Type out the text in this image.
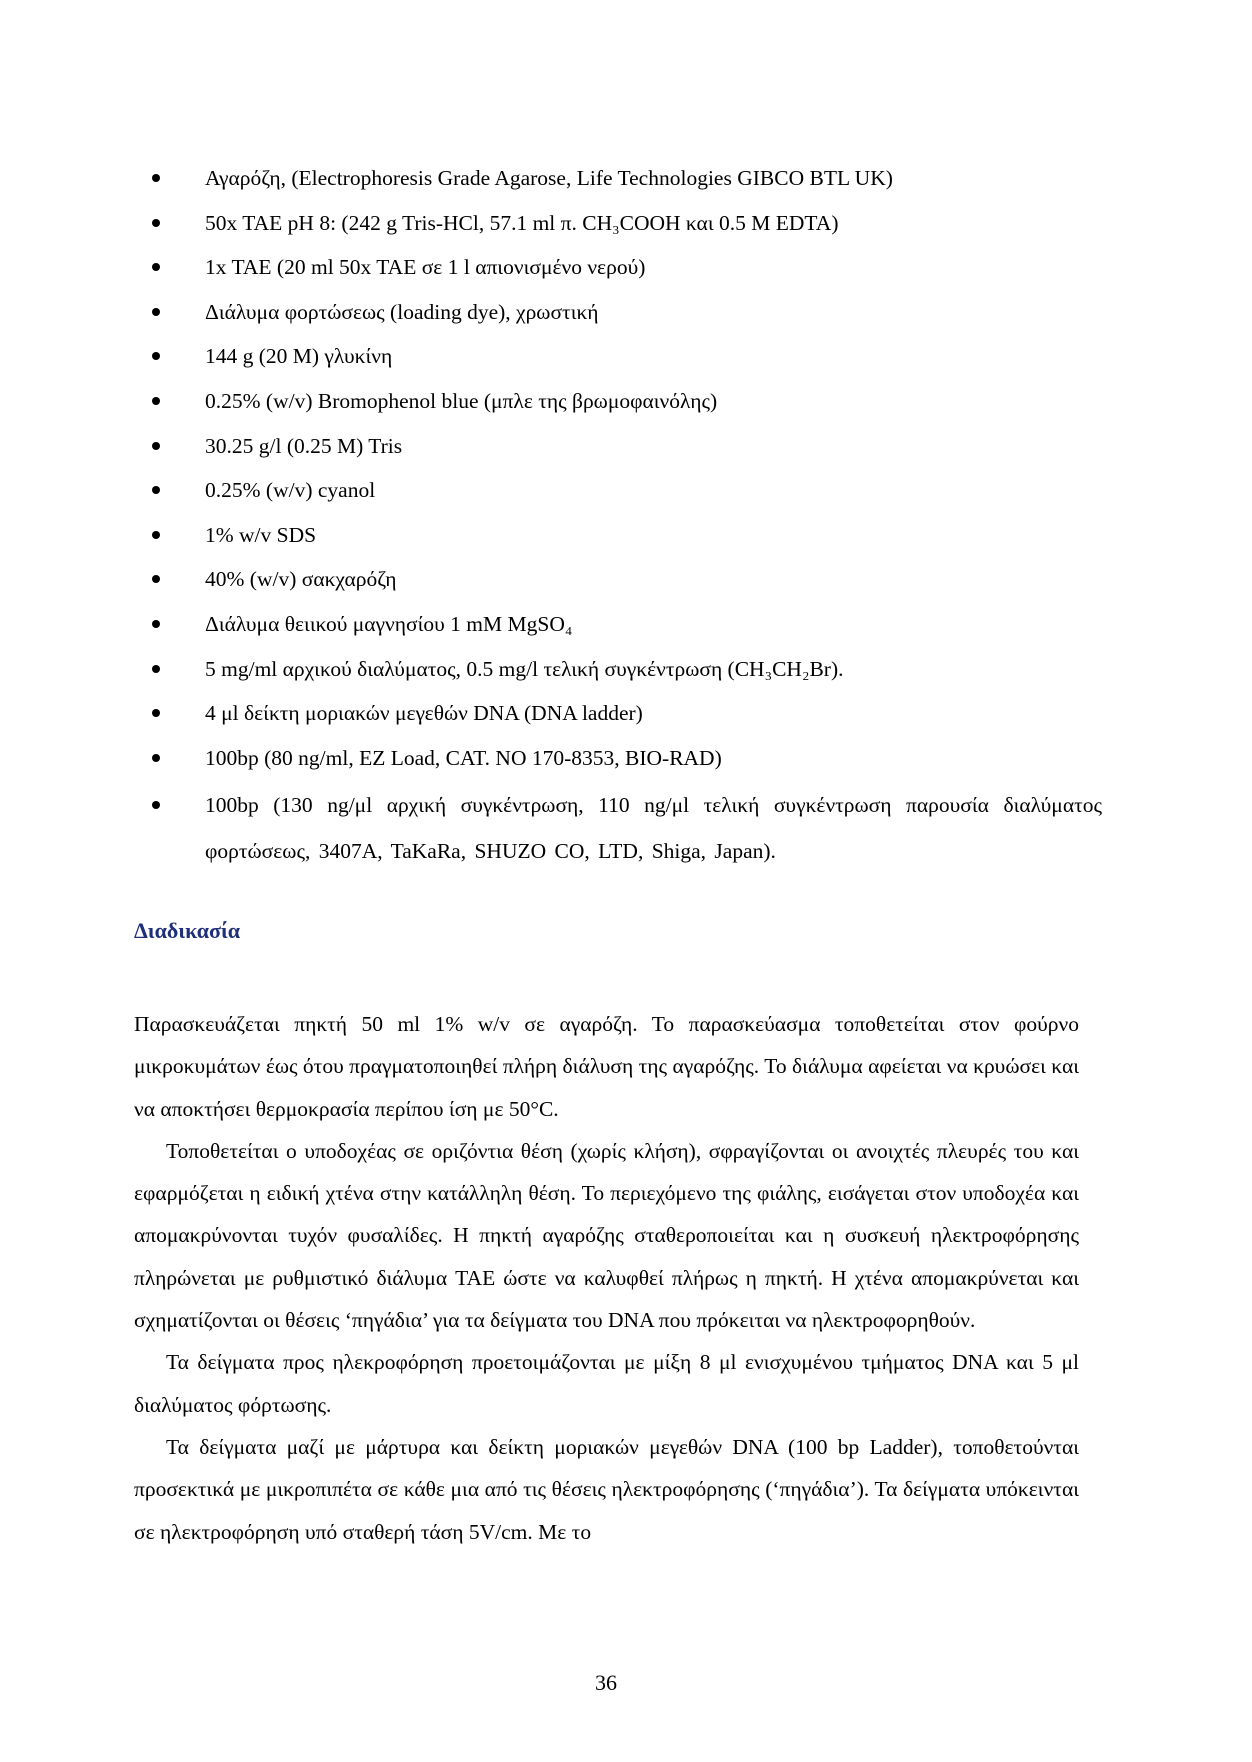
Αγαρόζη, (Electrophoresis Grade Agarose, Life Technologies GIBCO BTL UK)
50x TAE pH 8: (242 g Tris-HCl, 57.1 ml π. CH₃COOH και 0.5 M EDTA)
1x TAE (20 ml 50x TAE σε 1 l απιονισμένο νερού)
Διάλυμα φορτώσεως (loading dye), χρωστική
144 g (20 M) γλυκίνη
0.25% (w/v) Bromophenol blue (μπλε της βρωμοφαινόλης)
30.25 g/l (0.25 M) Tris
0.25% (w/v) cyanol
1% w/v SDS
40% (w/v) σακχαρόζη
Διάλυμα θειικού μαγνησίου 1 mM MgSO₄
5 mg/ml αρχικού διαλύματος, 0.5 mg/l τελική συγκέντρωση (CH₃CH₂Br).
4 μl δείκτη μοριακών μεγεθών DNA (DNA ladder)
100bp (80 ng/ml, EZ Load, CAT. NO 170-8353, BIO-RAD)
100bp (130 ng/μl αρχική συγκέντρωση, 110 ng/μl τελική συγκέντρωση παρουσία διαλύματος φορτώσεως, 3407A, TaKaRa, SHUZO CO, LTD, Shiga, Japan).
Διαδικασία

Παρασκευάζεται πηκτή 50 ml 1% w/v σε αγαρόζη. Το παρασκεύασμα τοποθετείται στον φούρνο μικροκυμάτων έως ότου πραγματοποιηθεί πλήρη διάλυση της αγαρόζης. Το διάλυμα αφείεται να κρυώσει και να αποκτήσει θερμοκρασία περίπου ίση με 50°C.

Τοποθετείται ο υποδοχέας σε οριζόντια θέση (χωρίς κλήση), σφραγίζονται οι ανοιχτές πλευρές του και εφαρμόζεται η ειδική χτένα στην κατάλληλη θέση. Το περιεχόμενο της φιάλης, εισάγεται στον υποδοχέα και απομακρύνονται τυχόν φυσαλίδες. Η πηκτή αγαρόζης σταθεροποιείται και η συσκευή ηλεκτροφόρησης πληρώνεται με ρυθμιστικό διάλυμα TAE ώστε να καλυφθεί πλήρως η πηκτή. Η χτένα απομακρύνεται και σχηματίζονται οι θέσεις ‘πηγάδια’ για τα δείγματα του DNA που πρόκειται να ηλεκτροφορηθούν.

Τα δείγματα προς ηλεκροφόρηση προετοιμάζονται με μίξη 8 μl ενισχυμένου τμήματος DNA και 5 μl διαλύματος φόρτωσης.

Τα δείγματα μαζί με μάρτυρα και δείκτη μοριακών μεγεθών DNA (100 bp Ladder), τοποθετούνται προσεκτικά με μικροπιπέτα σε κάθε μια από τις θέσεις ηλεκτροφόρησης (‘πηγάδια’). Τα δείγματα υπόκεινται σε ηλεκτροφόρηση υπό σταθερή τάση 5V/cm. Με το

36
